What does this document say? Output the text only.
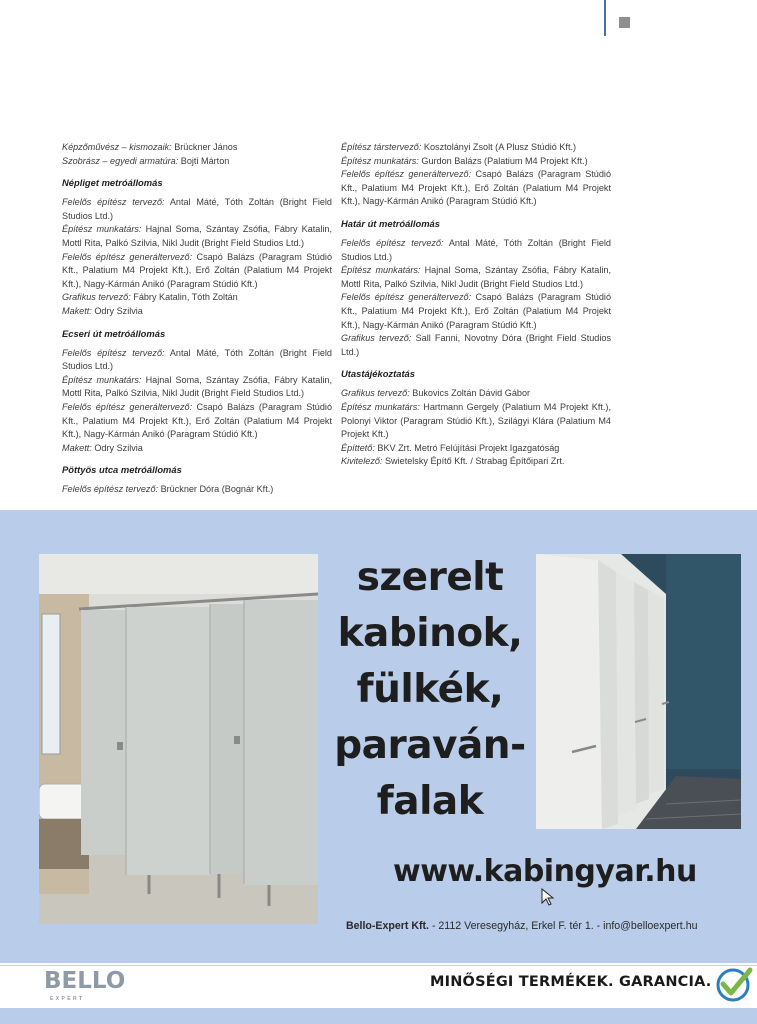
Képzőművész – kismozaik: Brückner János

Szobrász – egyedi armatúra: Bojti Márton

Népliget metróállomás

Felelős építész tervező: Antal Máté, Tóth Zoltán (Bright Field Studios Ltd.)

Építész munkatárs: Hajnal Soma, Szántay Zsófia, Fábry Katalin, Mottl Rita, Palkó Szilvia, Nikl Judit (Bright Field Studios Ltd.)

Felelős építész generáltervező: Csapó Balázs (Paragram Stúdió Kft., Palatium M4 Projekt Kft.), Erő Zoltán (Palatium M4 Projekt Kft.), Nagy-Kármán Anikó (Paragram Stúdió Kft.)

Grafikus tervező: Fábry Katalin, Tóth Zoltán

Makett: Odry Szilvia

Ecseri út metróállomás

Felelős építész tervező: Antal Máté, Tóth Zoltán (Bright Field Studios Ltd.)

Építész munkatárs: Hajnal Soma, Szántay Zsófia, Fábry Katalin, Mottl Rita, Palkó Szilvia, Nikl Judit (Bright Field Studios Ltd.)

Felelős építész generáltervező: Csapó Balázs (Paragram Stúdió Kft., Palatium M4 Projekt Kft.), Erő Zoltán (Palatium M4 Projekt Kft.), Nagy-Kármán Anikó (Paragram Stúdió Kft.)

Makett: Odry Szilvia

Pöttyös utca metróállomás

Felelős építész tervező: Brückner Dóra (Bognár Kft.)

Építész társtervező: Kosztolányi Zsolt (A Plusz Stúdió Kft.)

Építész munkatárs: Gurdon Balázs (Palatium M4 Projekt Kft.)

Felelős építész generáltervező: Csapó Balázs (Paragram Stúdió Kft., Palatium M4 Projekt Kft.), Erő Zoltán (Palatium M4 Projekt Kft.), Nagy-Kármán Anikó (Paragram Stúdió Kft.)

Határ út metróállomás

Felelős építész tervező: Antal Máté, Tóth Zoltán (Bright Field Studios Ltd.)

Építész munkatárs: Hajnal Soma, Szántay Zsófia, Fábry Katalin, Mottl Rita, Palkó Szilvia, Nikl Judit (Bright Field Studios Ltd.)

Felelős építész generáltervező: Csapó Balázs (Paragram Stúdió Kft., Palatium M4 Projekt Kft.), Erő Zoltán (Palatium M4 Projekt Kft.), Nagy-Kármán Anikó (Paragram Stúdió Kft.)

Grafikus tervező: Sall Fanni, Novotny Dóra (Bright Field Studios Ltd.)

Utastájékoztatás

Grafikus tervező: Bukovics Zoltán Dávid Gábor

Építész munkatárs: Hartmann Gergely (Palatium M4 Projekt Kft.), Polonyi Viktor (Paragram Stúdió Kft.), Szilágyi Klára (Palatium M4 Projekt Kft.)

Építtető: BKV Zrt. Metró Felújítási Projekt Igazgatóság

Kivitelező: Swietelsky Építő Kft. / Strabag Építőipari Zrt.

szerelt
kabinok,
fülkék,
paraván-
falak
www.kabingyar.hu
Bello-Expert Kft. - 2112 Veresegyház, Erkel F. tér 1. - info@belloexpert.hu
BELLO
EXPERT
MINŐSÉGI TERMÉKEK. GARANCIA.
